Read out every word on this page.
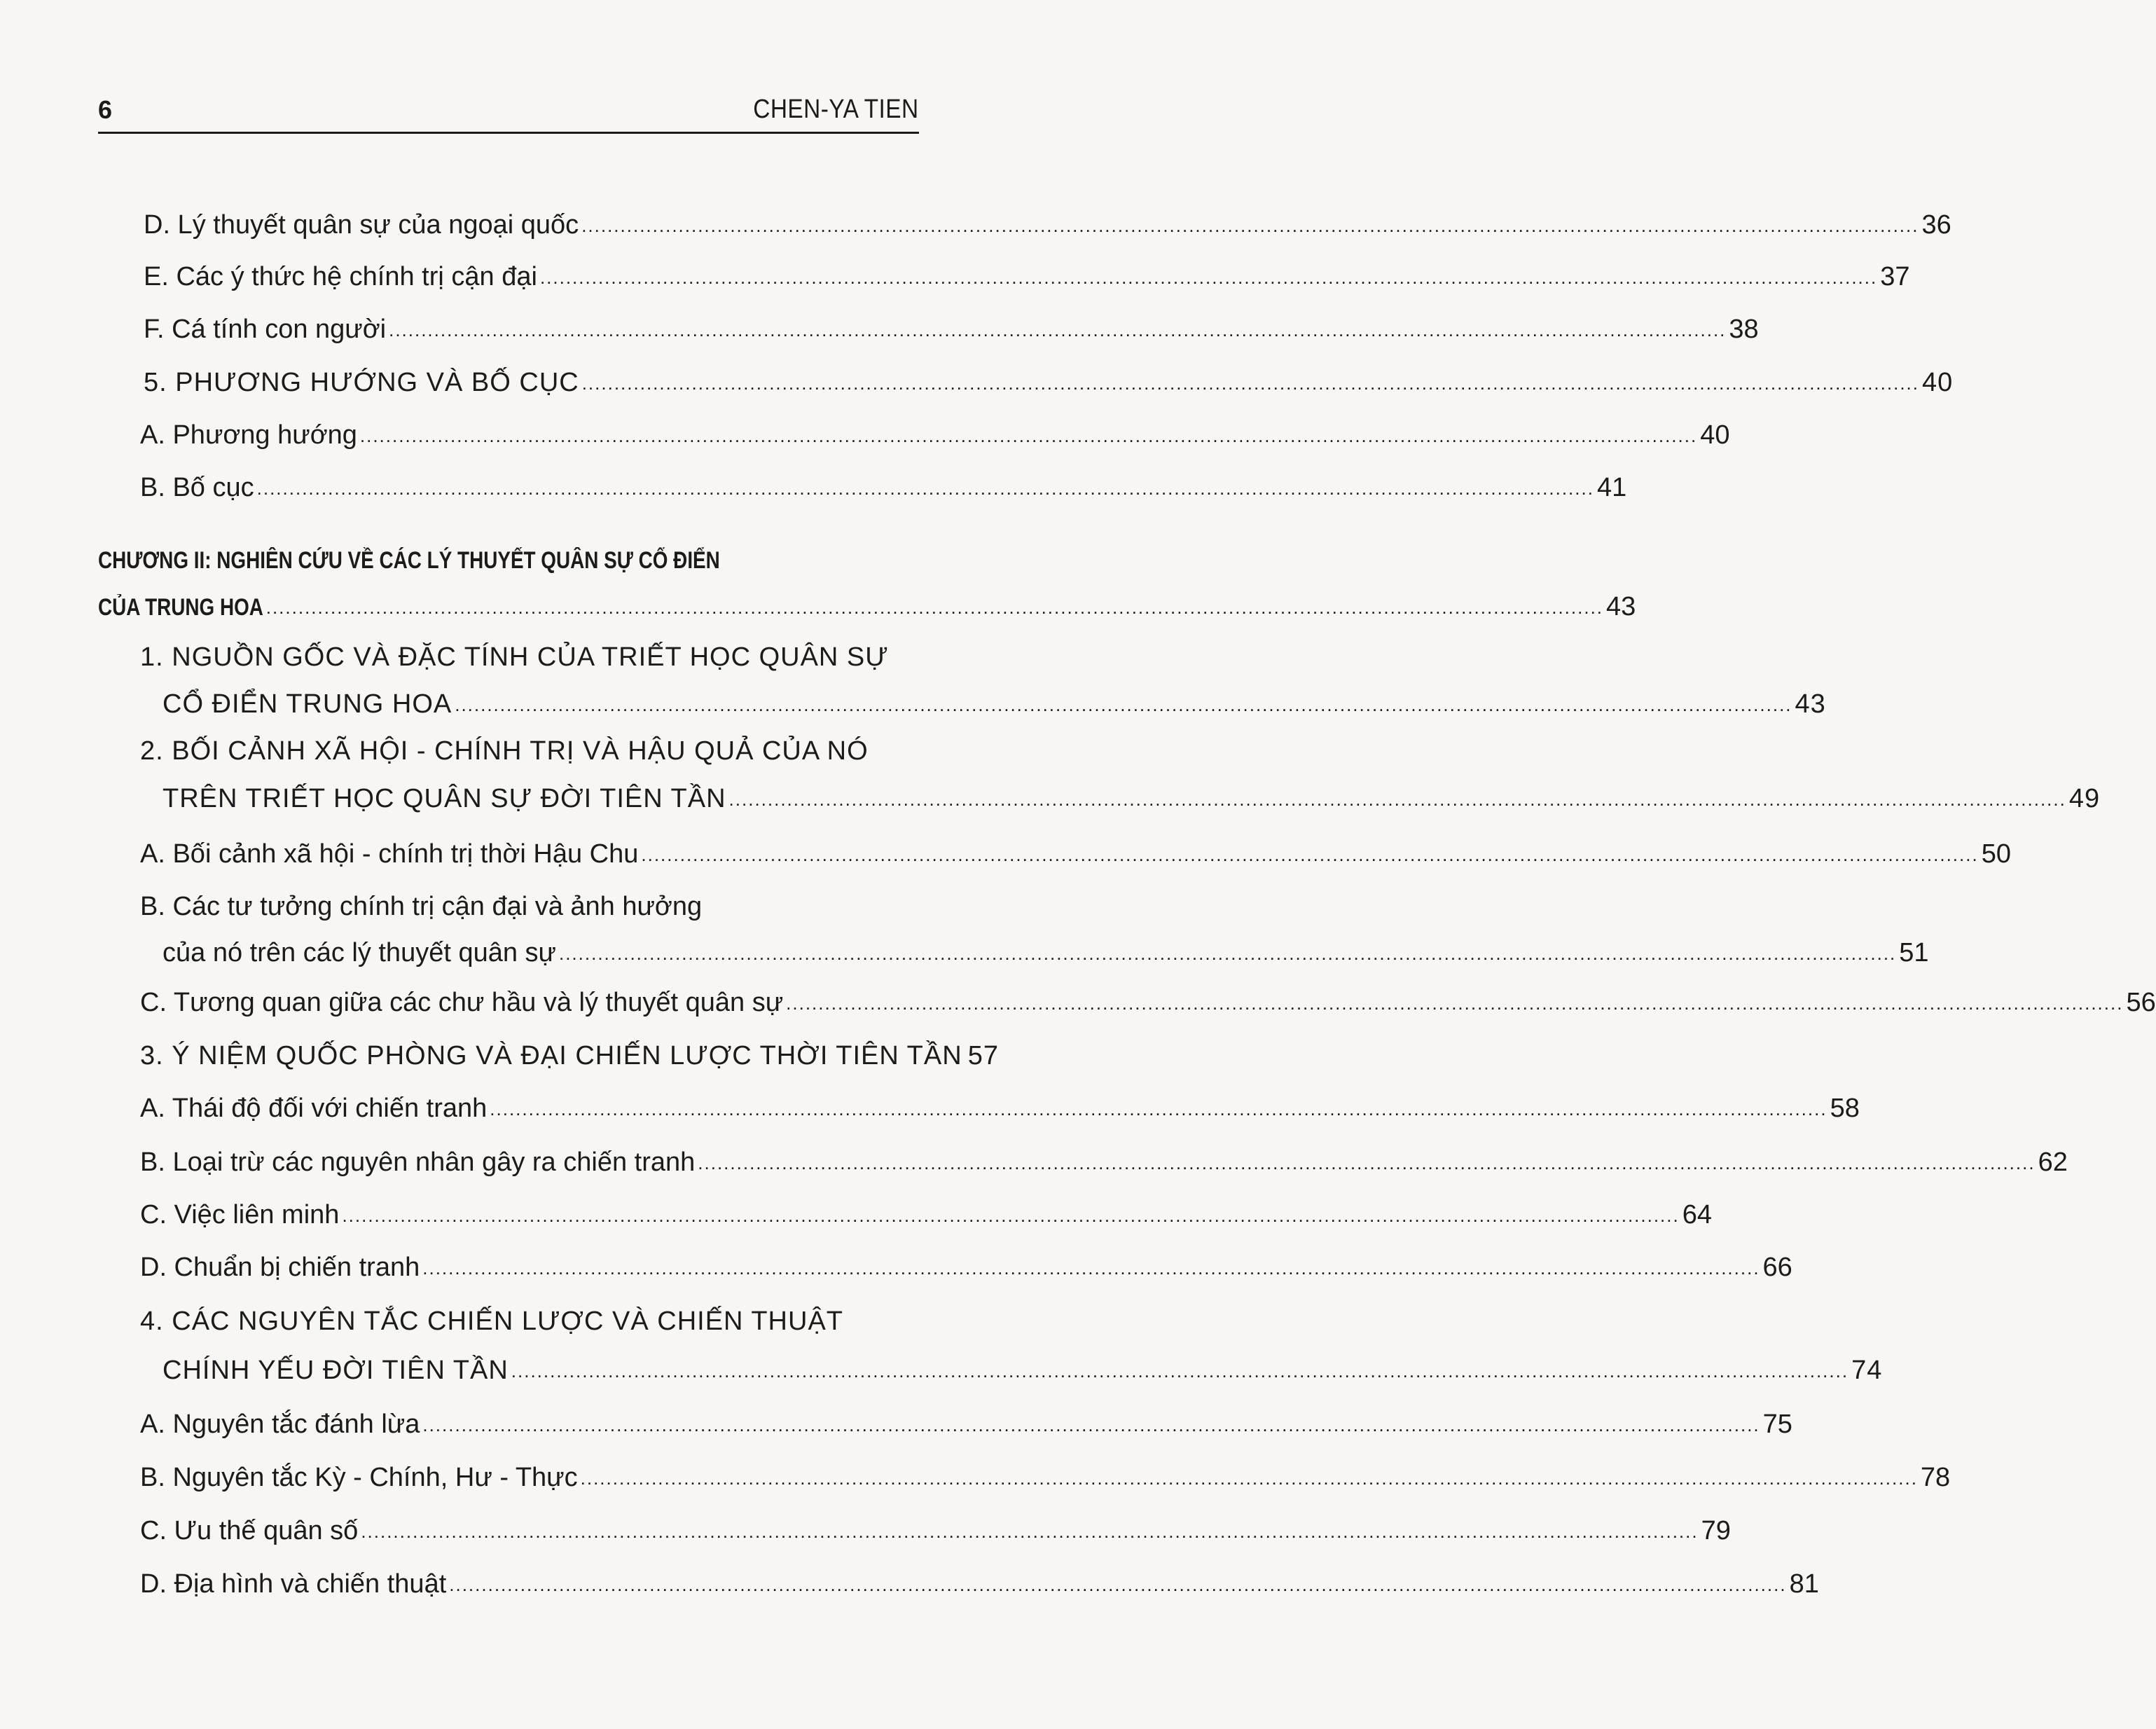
6	CHEN-YA TIEN
D. Lý thuyết quân sự của ngoại quốc .....	36
E. Các ý thức hệ chính trị cận đại .....	37
F. Cá tính con người .....	38
5. PHƯƠNG HƯỚNG VÀ BỐ CỤC .....	40
A. Phương hướng .....	40
B. Bố cục .....	41
CHƯƠNG II: NGHIÊN CỨU VỀ CÁC LÝ THUYẾT QUÂN SỰ CỔ ĐIỂN
CỦA TRUNG HOA .....	43
1. NGUỒN GỐC VÀ ĐẶC TÍNH CỦA TRIẾT HỌC QUÂN SỰ
CỔ ĐIỂN TRUNG HOA .....	43
2. BỐI CẢNH XÃ HỘI - CHÍNH TRỊ VÀ HẬU QUẢ CỦA NÓ
TRÊN TRIẾT HỌC QUÂN SỰ ĐỜI TIÊN TẦN .....	49
A. Bối cảnh xã hội - chính trị thời Hậu Chu .....	50
B. Các tư tưởng chính trị cận đại và ảnh hưởng
của nó trên các lý thuyết quân sự .....	51
C. Tương quan giữa các chư hầu và lý thuyết quân sự .....	56
3. Ý NIỆM QUỐC PHÒNG VÀ ĐẠI CHIẾN LƯỢC THỜI TIÊN TẦN 57
A. Thái độ đối với chiến tranh .....	58
B. Loại trừ các nguyên nhân gây ra chiến tranh .....	62
C. Việc liên minh .....	64
D. Chuẩn bị chiến tranh .....	66
4. CÁC NGUYÊN TẮC CHIẾN LƯỢC VÀ CHIẾN THUẬT
CHÍNH YẾU ĐỜI TIÊN TẦN .....	74
A. Nguyên tắc đánh lừa .....	75
B. Nguyên tắc Kỳ - Chính, Hư - Thực .....	78
C. Ưu thế quân số .....	79
D. Địa hình và chiến thuật .....	81
